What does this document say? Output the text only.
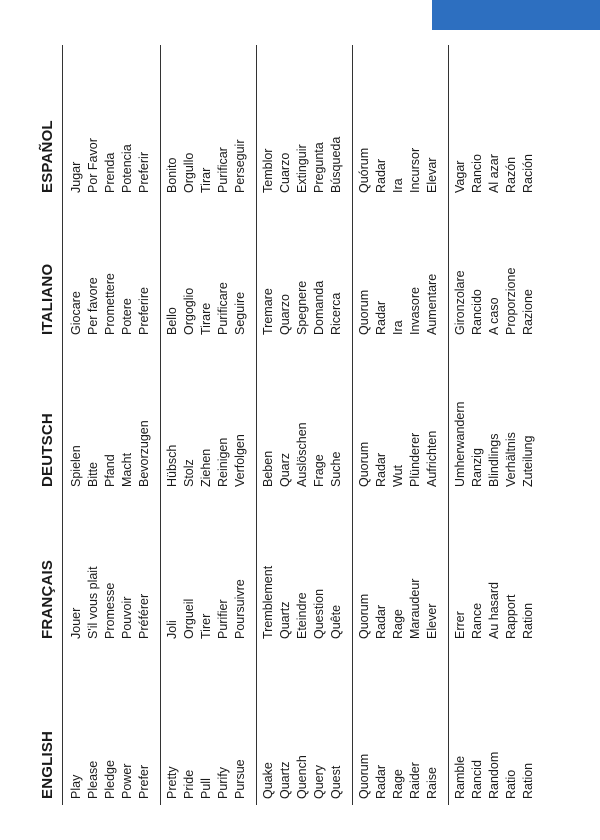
ENGLISH
FRANÇAIS
DEUTSCH
ITALIANO
ESPAÑOL
Play
Jouer
Spielen
Giocare
Jugar
Please
S'il vous plait
Bitte
Per favore
Por Favor
Pledge
Promesse
Pfand
Promettere
Prenda
Power
Pouvoir
Macht
Potere
Potencia
Prefer
Préférer
Bevorzugen
Preferire
Preferir
Pretty
Joli
Hübsch
Bello
Bonito
Pride
Orgueil
Stolz
Orgoglio
Orgullo
Pull
Tirer
Ziehen
Tirare
Tirar
Purify
Purifier
Reinigen
Purificare
Purificar
Pursue
Poursuivre
Verfolgen
Seguire
Perseguir
Quake
Tremblement
Beben
Tremare
Temblor
Quartz
Quartz
Quarz
Quarzo
Cuarzo
Quench
Eteindre
Auslöschen
Spegnere
Extinguir
Query
Question
Frage
Domanda
Pregunta
Quest
Quête
Suche
Ricerca
Búsqueda
Quorum
Quorum
Quorum
Quorum
Quórum
Radar
Radar
Radar
Radar
Radar
Rage
Rage
Wut
Ira
Ira
Raider
Maraudeur
Plünderer
Invasore
Incursor
Raise
Elever
Aufrichten
Aumentare
Elevar
Ramble
Errer
Umherwandern
Gironzolare
Vagar
Rancid
Rance
Ranzig
Rancido
Rancio
Random
Au hasard
Blindlings
A caso
Al azar
Ratio
Rapport
Verhältnis
Proporzione
Razón
Ration
Ration
Zuteilung
Razione
Ración
